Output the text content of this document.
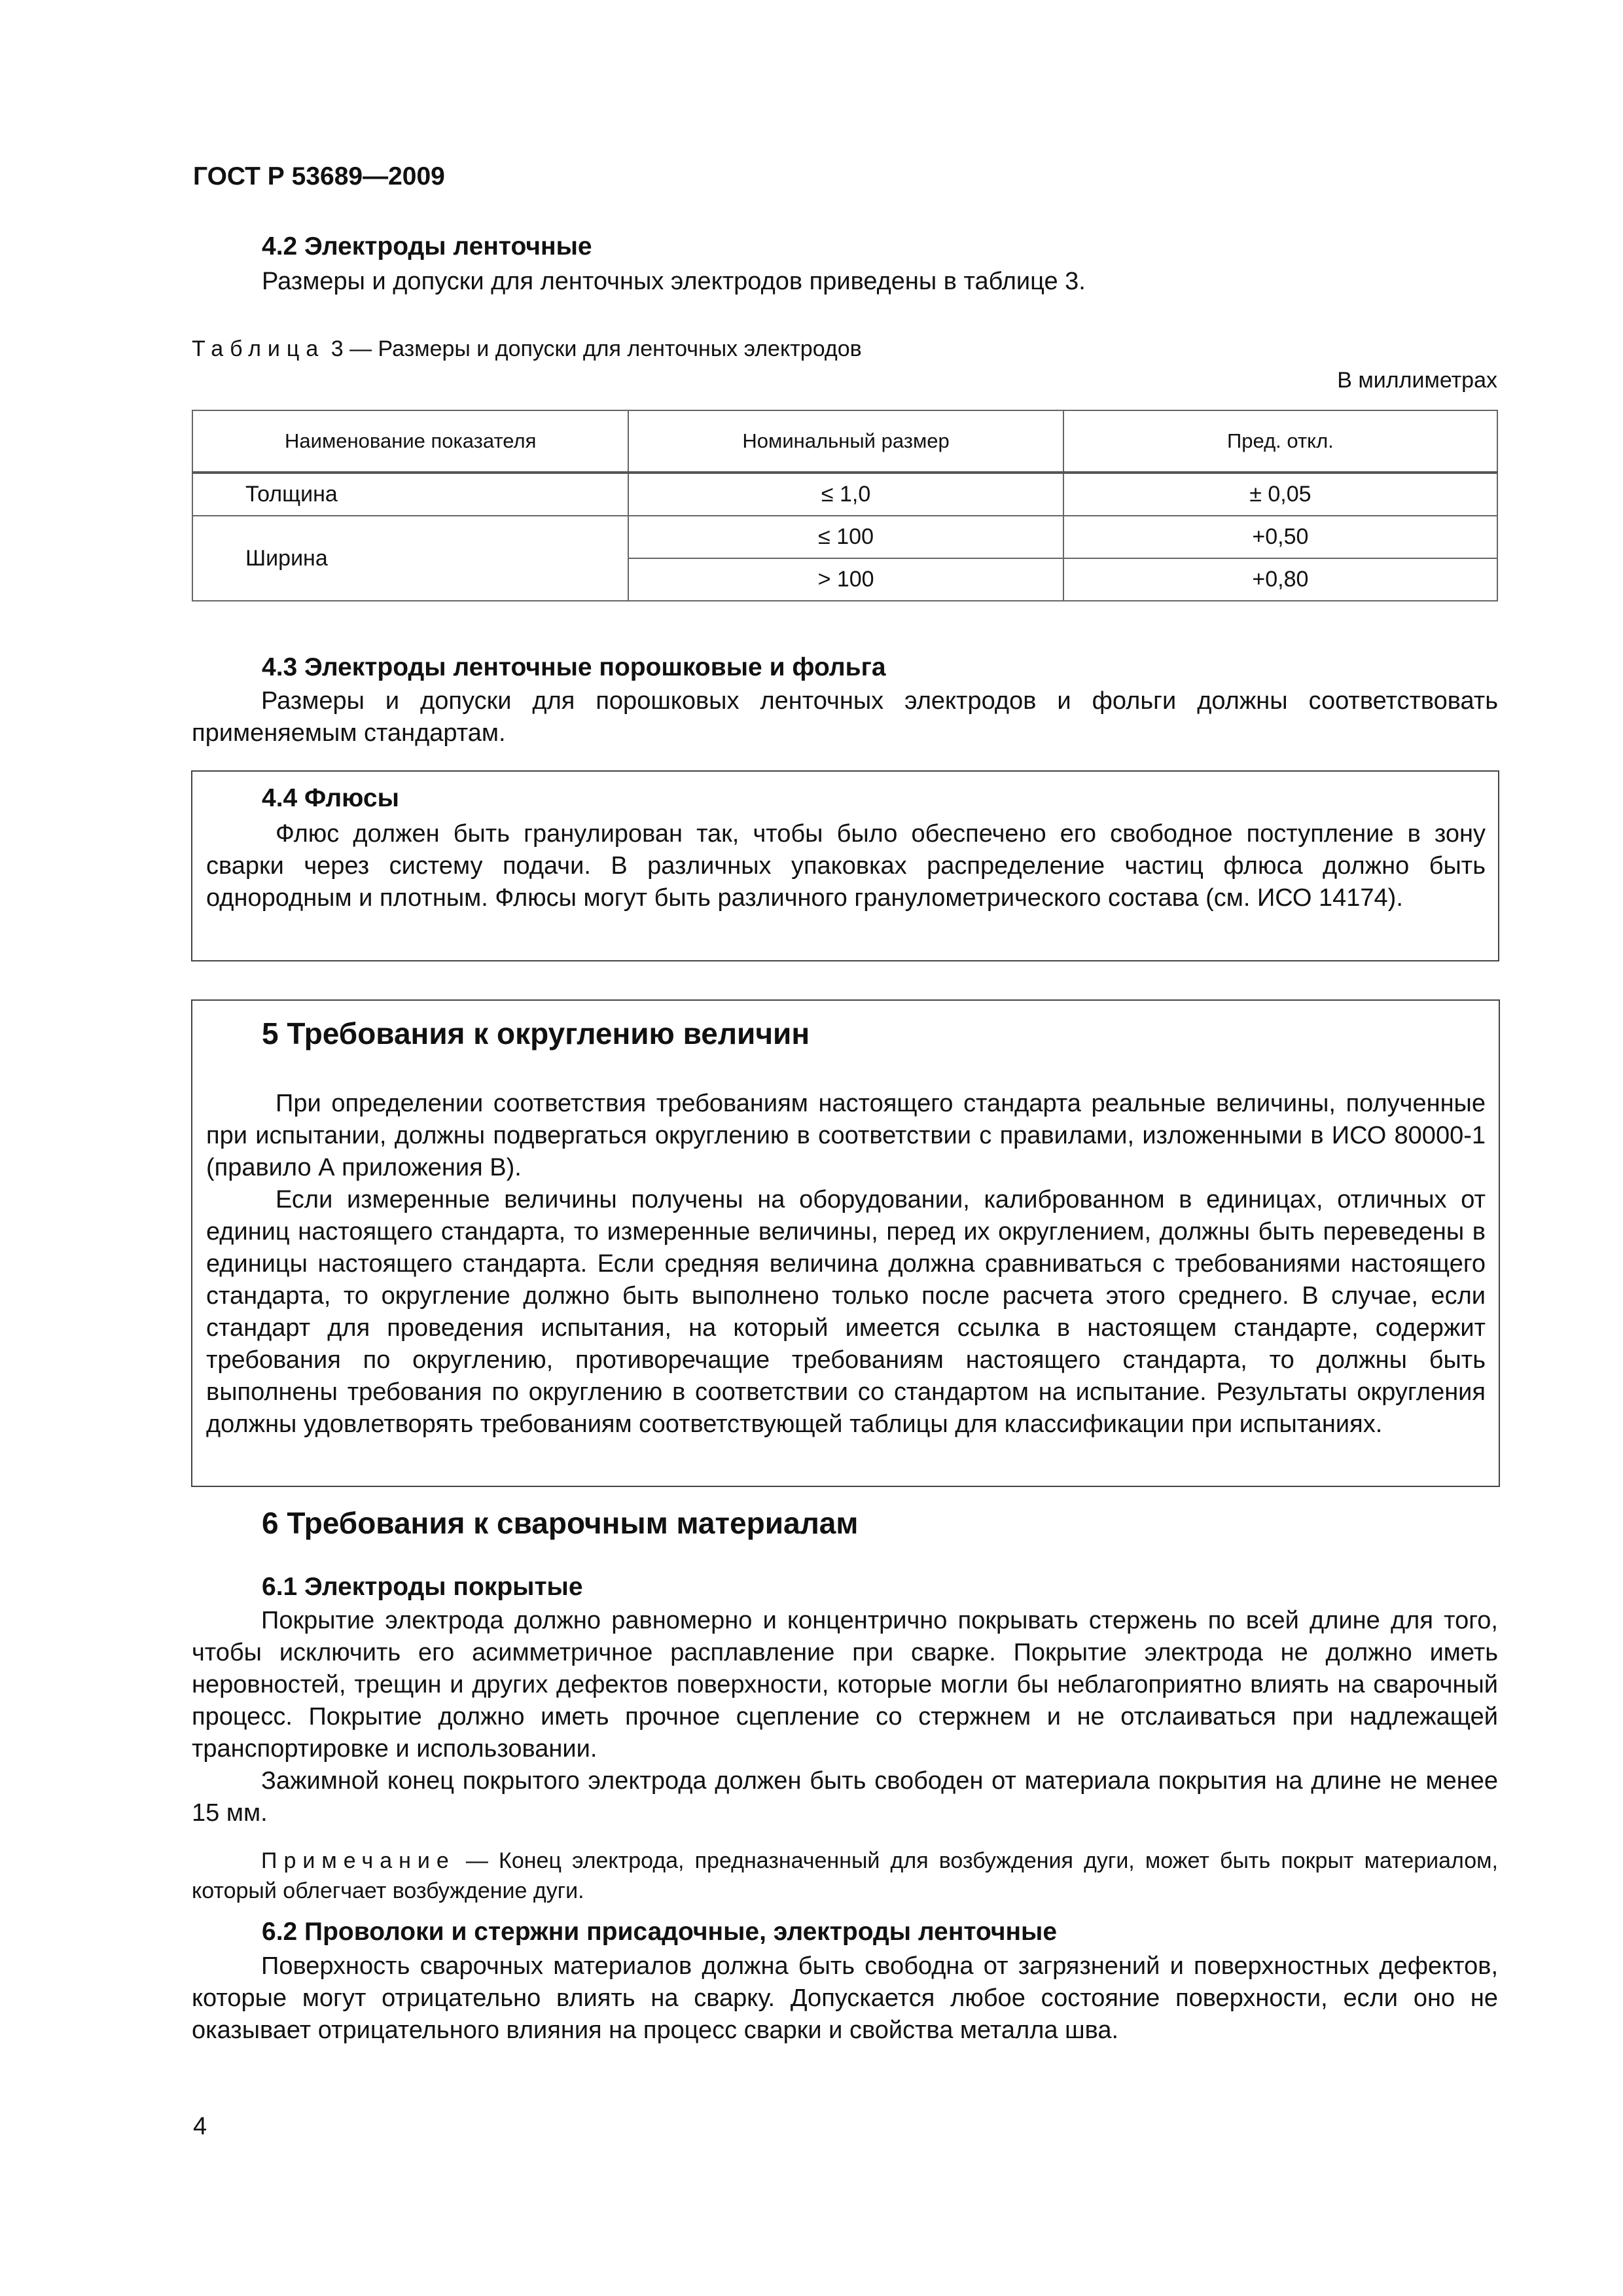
ГОСТ Р 53689—2009
4.2 Электроды ленточные
Размеры и допуски для ленточных электродов приведены в таблице 3.
Таблица 3 — Размеры и допуски для ленточных электродов
В миллиметрах
Наименование показателя	Номинальный размер	Пред. откл.
Толщина	≤ 1,0	± 0,05
Ширина	≤ 100	+0,50
	> 100	+0,80
4.3 Электроды ленточные порошковые и фольга

Размеры и допуски для порошковых ленточных электродов и фольги должны соответствовать применяемым стандартам.

4.4 Флюсы

Флюс должен быть гранулирован так, чтобы было обеспечено его свободное поступление в зону сварки через систему подачи. В различных упаковках распределение частиц флюса должно быть однородным и плотным. Флюсы могут быть различного гранулометрического состава (см. ИСО 14174).

5 Требования к округлению величин

При определении соответствия требованиям настоящего стандарта реальные величины, полученные при испытании, должны подвергаться округлению в соответствии с правилами, изложенными в ИСО 80000-1 (правило А приложения В).

Если измеренные величины получены на оборудовании, калиброванном в единицах, отличных от единиц настоящего стандарта, то измеренные величины, перед их округлением, должны быть переведены в единицы настоящего стандарта. Если средняя величина должна сравниваться с требованиями настоящего стандарта, то округление должно быть выполнено только после расчета этого среднего. В случае, если стандарт для проведения испытания, на который имеется ссылка в настоящем стандарте, содержит требования по округлению, противоречащие требованиям настоящего стандарта, то должны быть выполнены требования по округлению в соответствии со стандартом на испытание. Результаты округления должны удовлетворять требованиям соответствующей таблицы для классификации при испытаниях.

6 Требования к сварочным материалам
6.1 Электроды покрытые

Покрытие электрода должно равномерно и концентрично покрывать стержень по всей длине для того, чтобы исключить его асимметричное расплавление при сварке. Покрытие электрода не должно иметь неровностей, трещин и других дефектов поверхности, которые могли бы неблагоприятно влиять на сварочный процесс. Покрытие должно иметь прочное сцепление со стержнем и не отслаиваться при надлежащей транспортировке и использовании.

Зажимной конец покрытого электрода должен быть свободен от материала покрытия на длине не менее 15 мм.

Примечание — Конец электрода, предназначенный для возбуждения дуги, может быть покрыт материалом, который облегчает возбуждение дуги.

6.2 Проволоки и стержни присадочные, электроды ленточные

Поверхность сварочных материалов должна быть свободна от загрязнений и поверхностных дефектов, которые могут отрицательно влиять на сварку. Допускается любое состояние поверхности, если оно не оказывает отрицательного влияния на процесс сварки и свойства металла шва.

4
